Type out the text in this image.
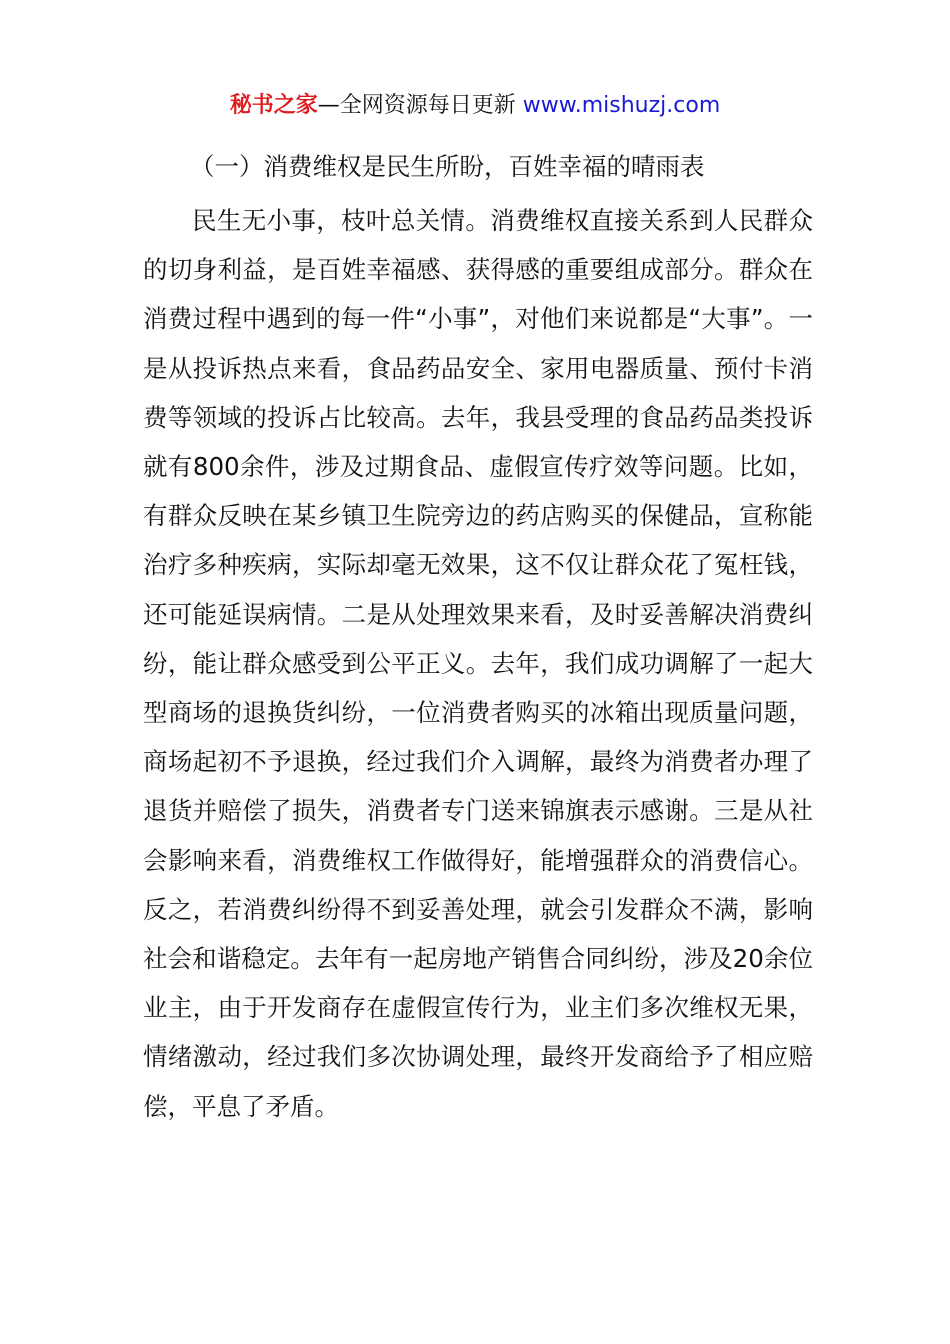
秘书之家—全网资源每日更新 www.mishuzj.com
（一）消费维权是民生所盼，百姓幸福的晴雨表

民生无小事，枝叶总关情。消费维权直接关系到人民群众的切身利益，是百姓幸福感、获得感的重要组成部分。群众在消费过程中遇到的每一件“小事”，对他们来说都是“大事”。一是从投诉热点来看，食品药品安全、家用电器质量、预付卡消费等领域的投诉占比较高。去年，我县受理的食品药品类投诉就有800余件，涉及过期食品、虚假宣传疗效等问题。比如，有群众反映在某乡镇卫生院旁边的药店购买的保健品，宣称能治疗多种疾病，实际却毫无效果，这不仅让群众花了冤枉钱，还可能延误病情。二是从处理效果来看，及时妥善解决消费纠纷，能让群众感受到公平正义。去年，我们成功调解了一起大型商场的退换货纠纷，一位消费者购买的冰箱出现质量问题，商场起初不予退换，经过我们介入调解，最终为消费者办理了退货并赔偿了损失，消费者专门送来锦旗表示感谢。三是从社会影响来看，消费维权工作做得好，能增强群众的消费信心。反之，若消费纠纷得不到妥善处理，就会引发群众不满，影响社会和谐稳定。去年有一起房地产销售合同纠纷，涉及20余位业主，由于开发商存在虚假宣传行为，业主们多次维权无果，情绪激动，经过我们多次协调处理，最终开发商给予了相应赔偿，平息了矛盾。
